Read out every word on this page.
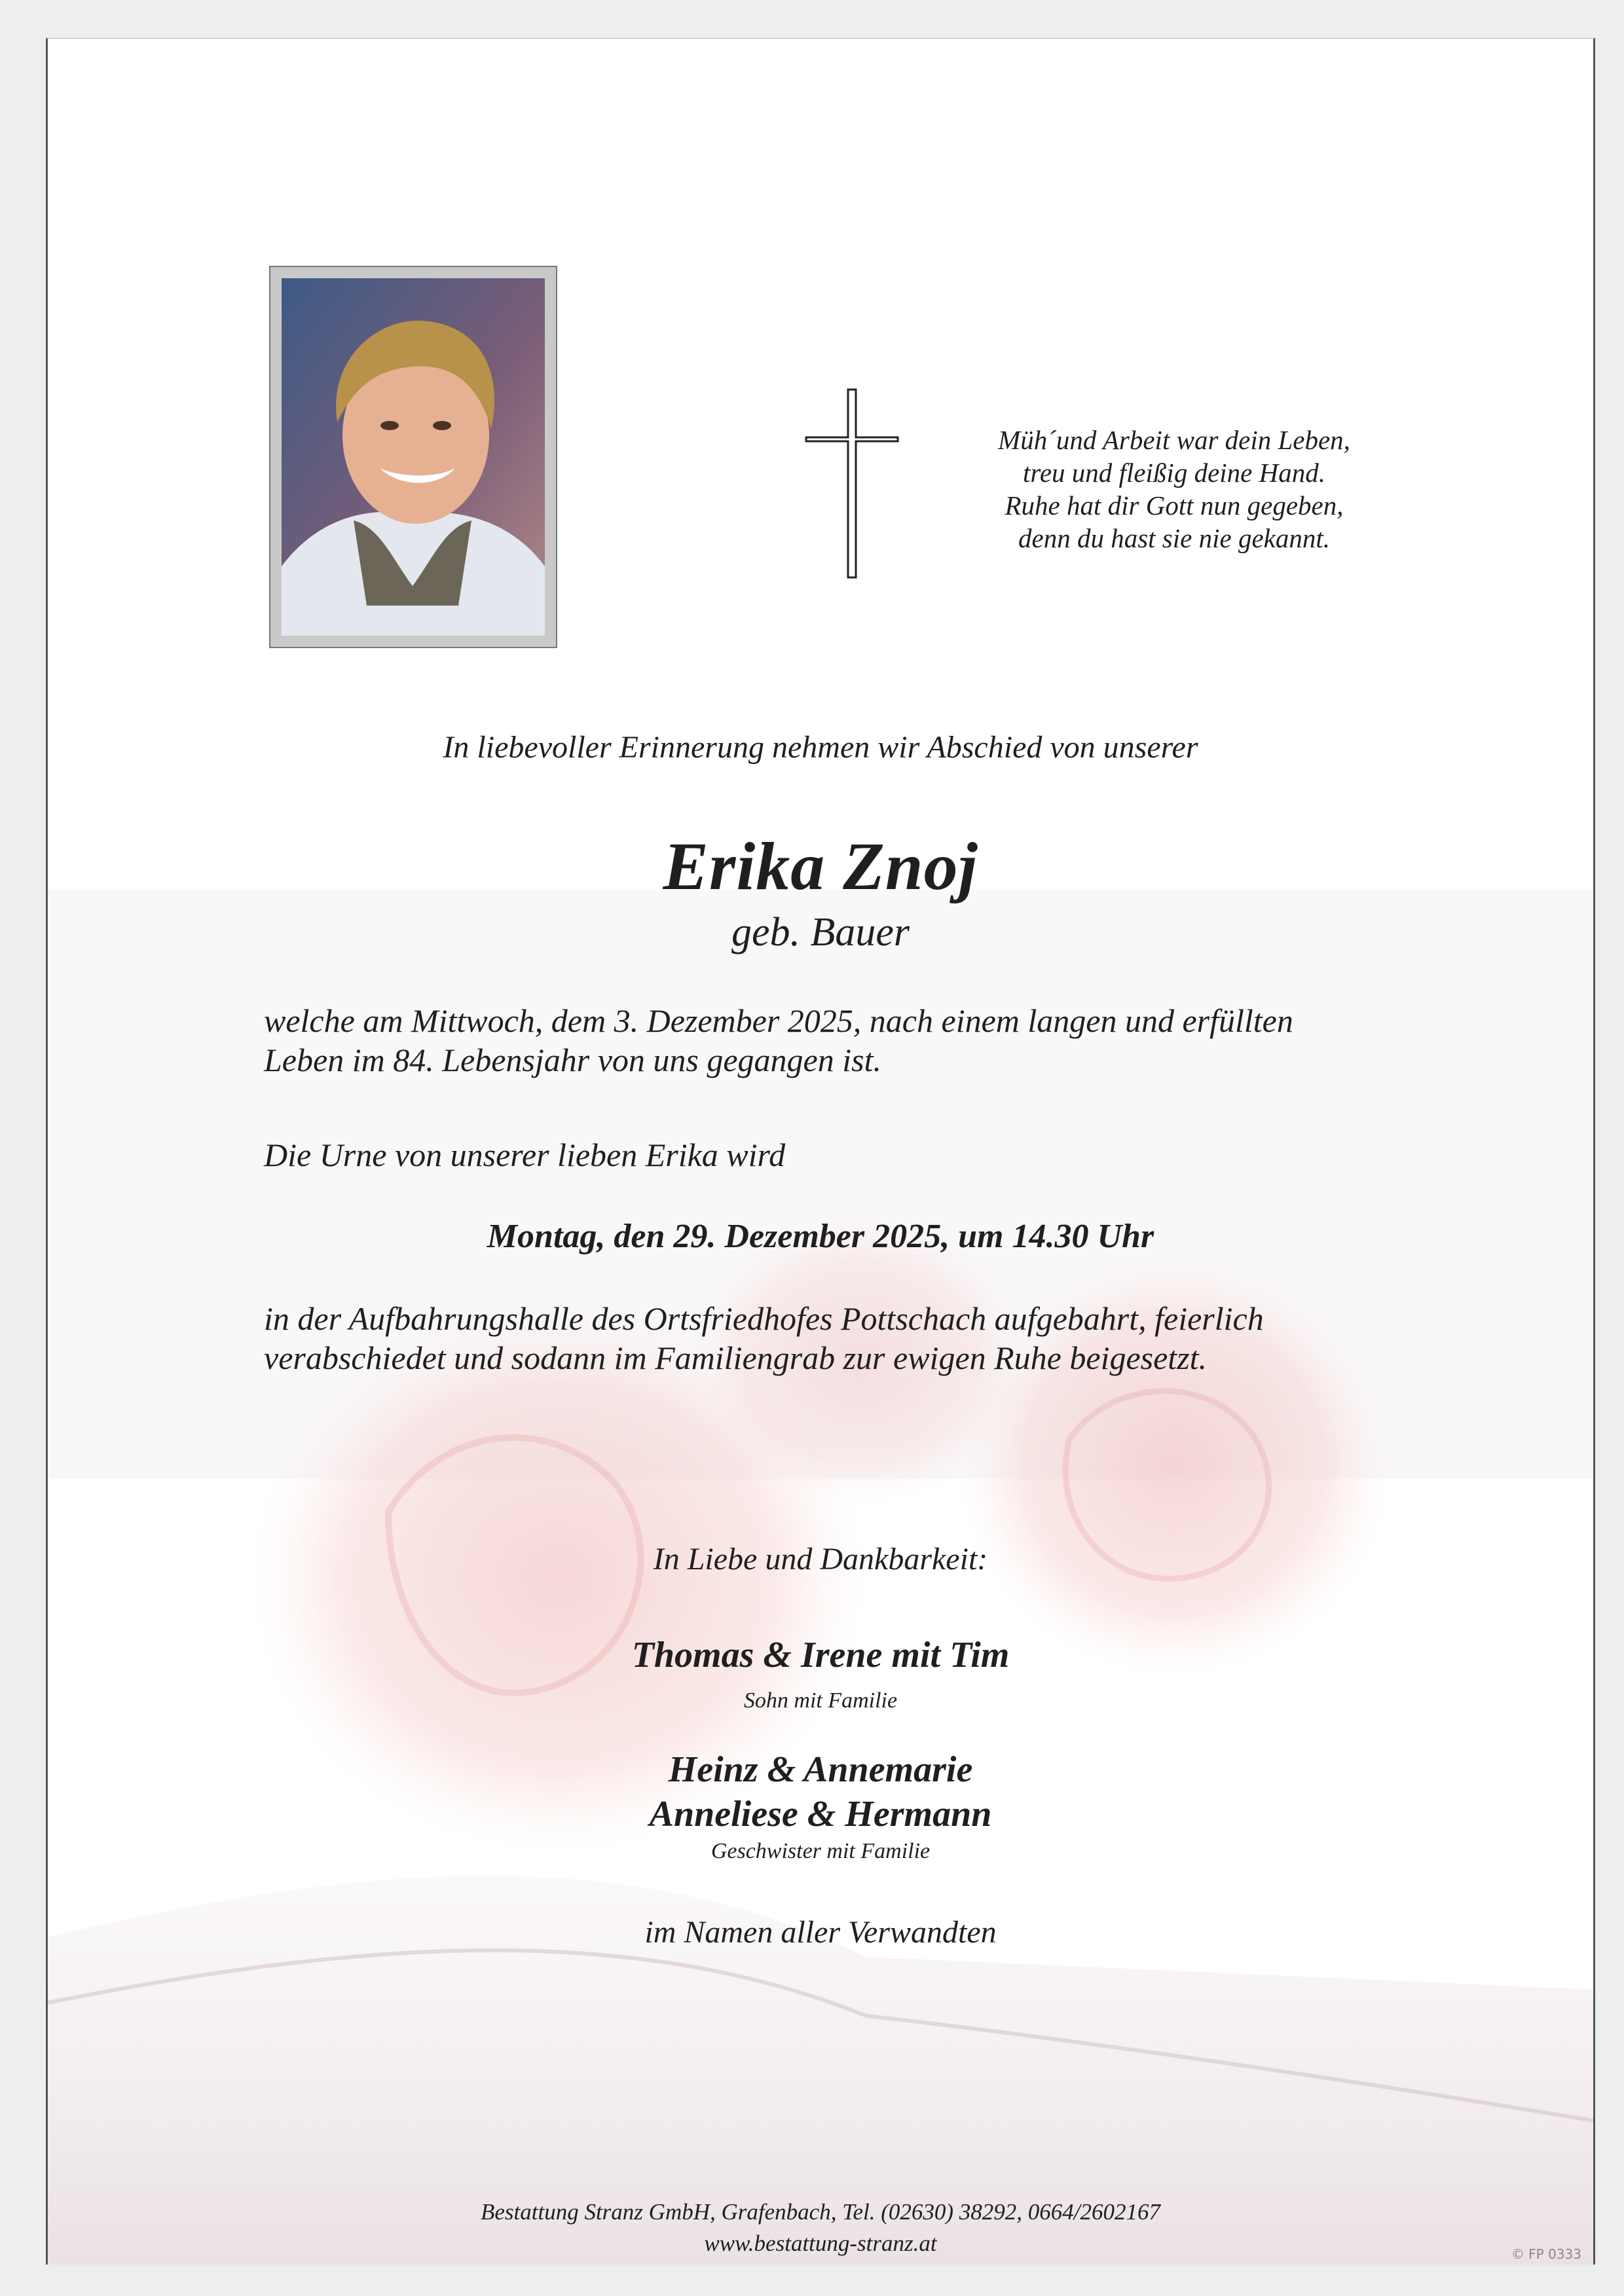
Müh´und Arbeit war dein Leben,
treu und fleißig deine Hand.
Ruhe hat dir Gott nun gegeben,
denn du hast sie nie gekannt.
In liebevoller Erinnerung nehmen wir Abschied von unserer
Erika Znoj
geb. Bauer
welche am Mittwoch, dem 3. Dezember 2025, nach einem langen und erfüllten
Leben im 84. Lebensjahr von uns gegangen ist.
Die Urne von unserer lieben Erika wird
Montag, den 29. Dezember 2025, um 14.30 Uhr
in der Aufbahrungshalle des Ortsfriedhofes Pottschach aufgebahrt, feierlich
verabschiedet und sodann im Familiengrab zur ewigen Ruhe beigesetzt.
In Liebe und Dankbarkeit:
Thomas & Irene mit Tim
Sohn mit Familie
Heinz & Annemarie
Anneliese & Hermann
Geschwister mit Familie
im Namen aller Verwandten
Bestattung Stranz GmbH, Grafenbach, Tel. (02630) 38292, 0664/2602167
www.bestattung-stranz.at	© FP 0333
